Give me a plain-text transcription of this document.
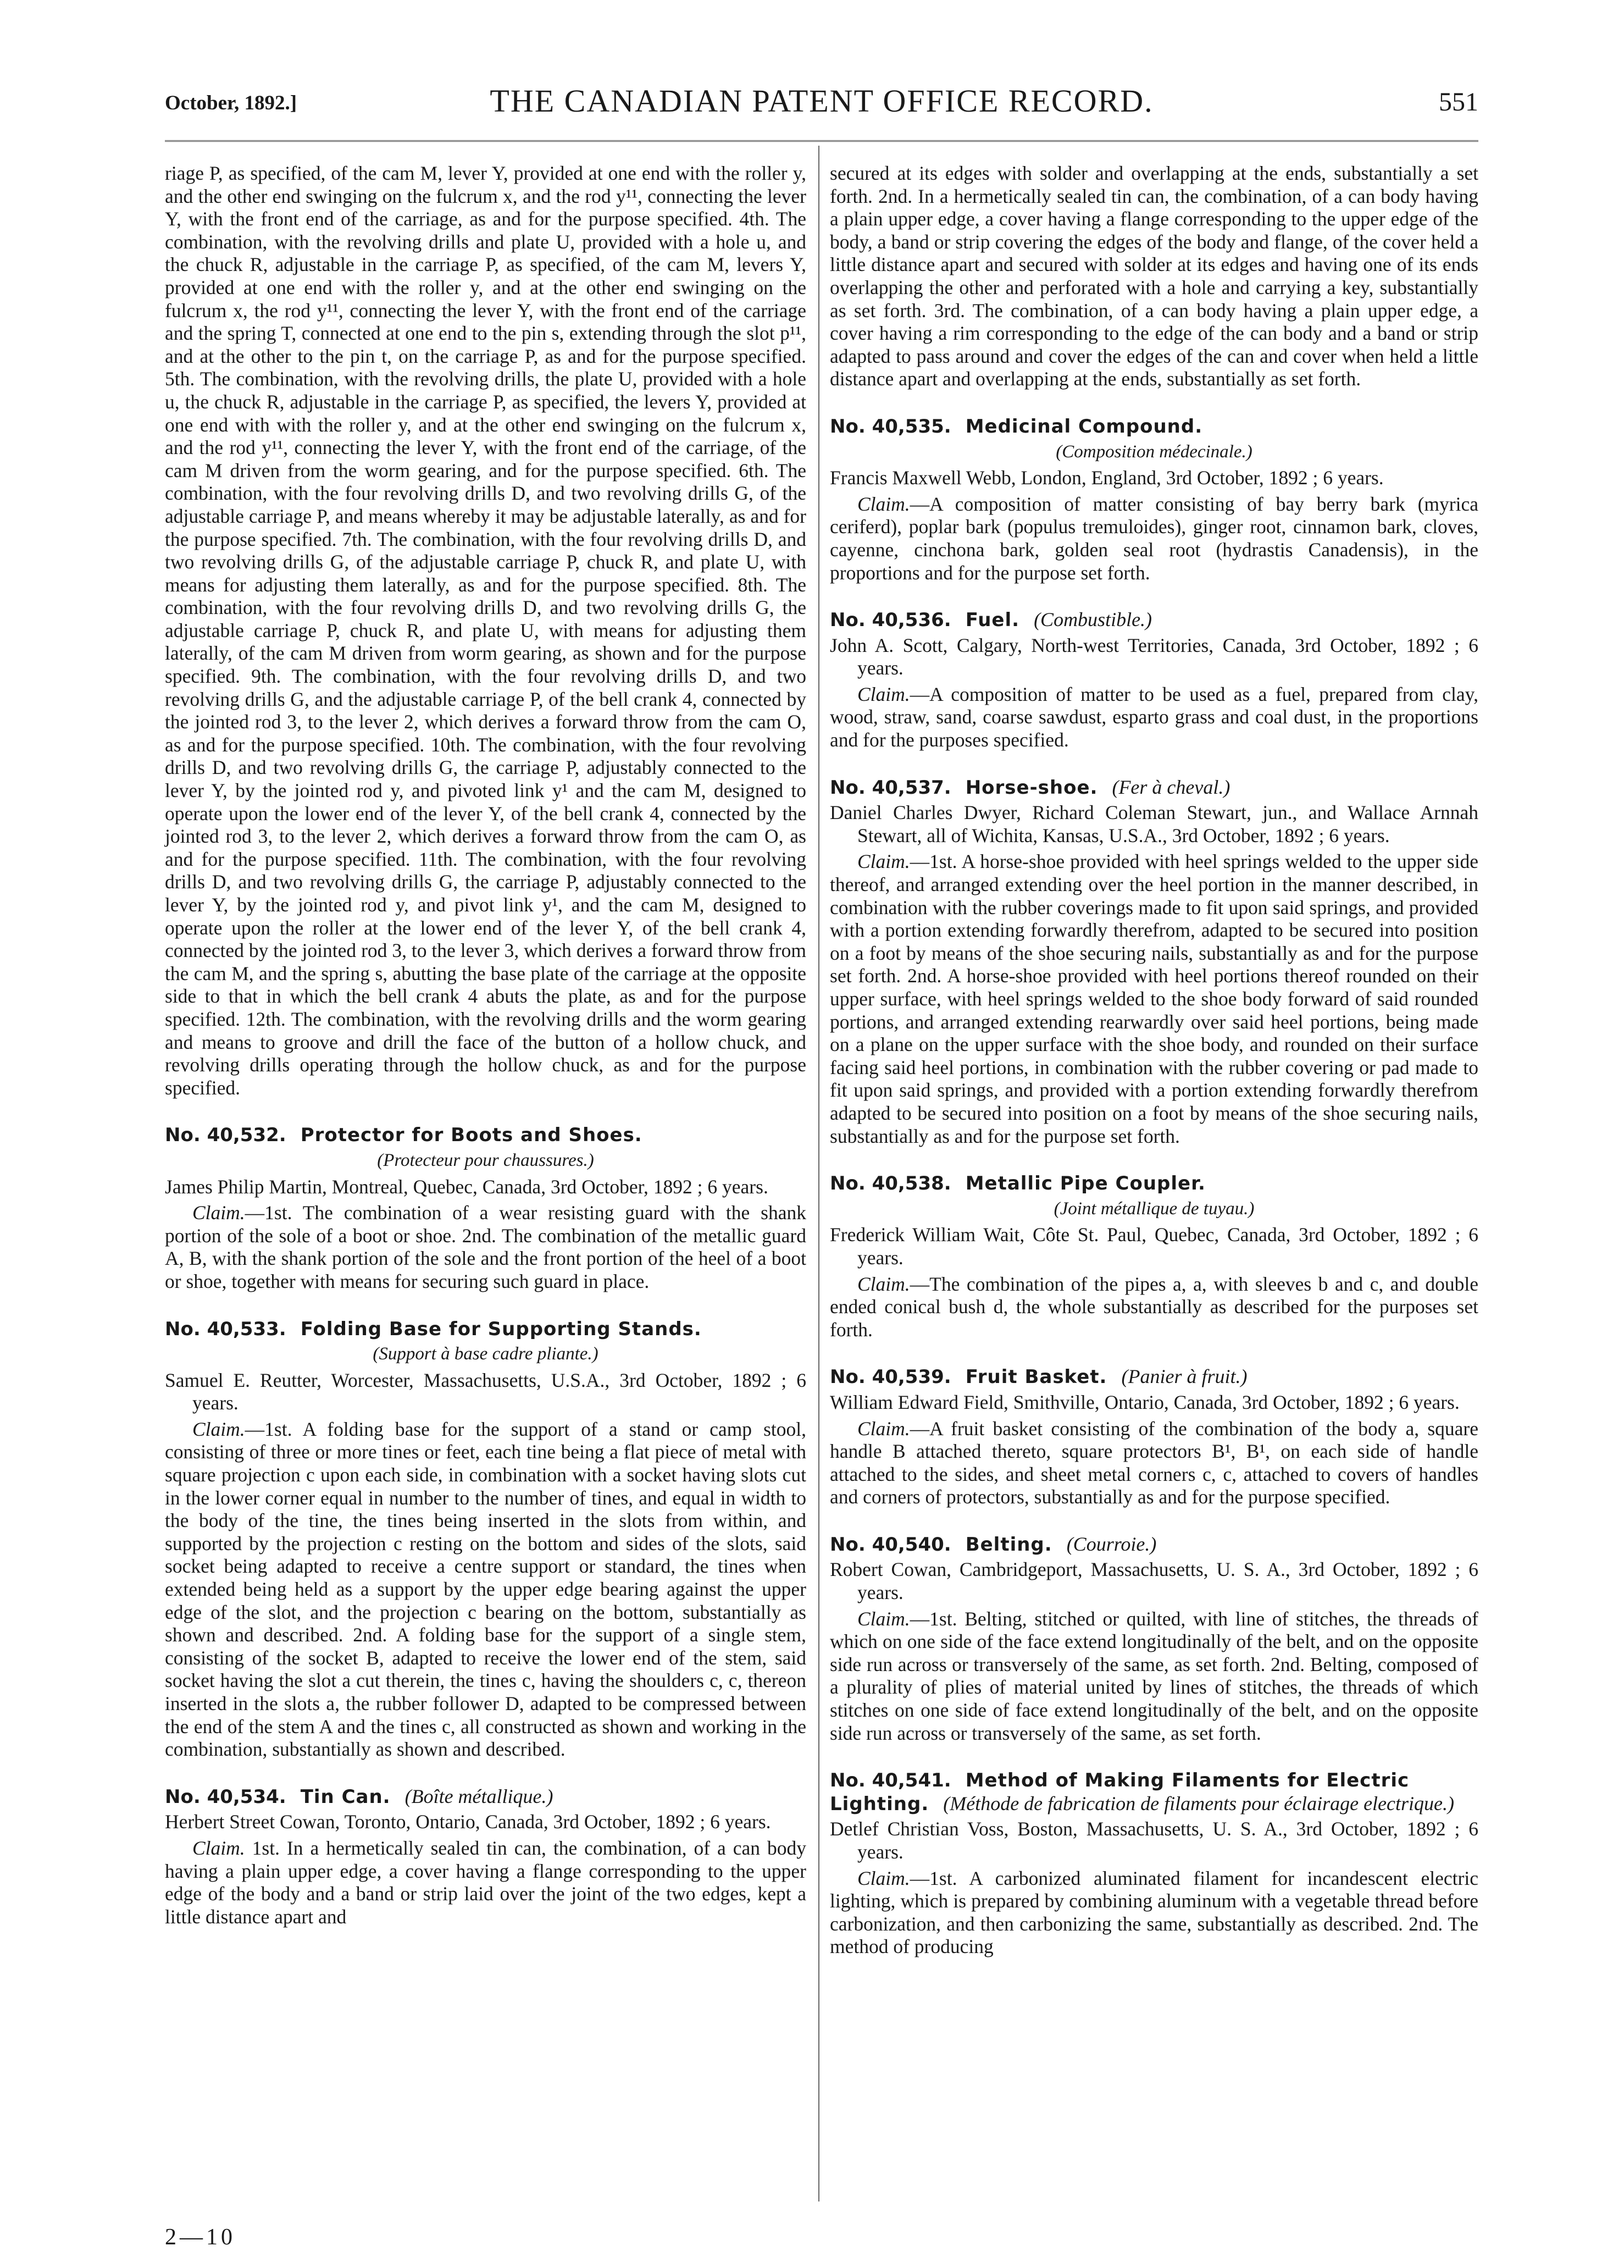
October, 1892.]	THE CANADIAN PATENT OFFICE RECORD.	551

riage P, as specified, of the cam M, lever Y, provided at one end with the roller y, and the other end swinging on the fulcrum x, and the rod y¹¹, connecting the lever Y, with the front end of the carriage, as and for the purpose specified. 4th. The combination, with the revolving drills and plate U, provided with a hole u, and the chuck R, adjustable in the carriage P, as specified, of the cam M, levers Y, provided at one end with the roller y, and at the other end swinging on the fulcrum x, the rod y¹¹, connecting the lever Y, with the front end of the carriage and the spring T, connected at one end to the pin s, extending through the slot p¹¹, and at the other to the pin t, on the carriage P, as and for the purpose specified. 5th. The combination, with the revolving drills, the plate U, provided with a hole u, the chuck R, adjustable in the carriage P, as specified, the levers Y, provided at one end with with the roller y, and at the other end swinging on the fulcrum x, and the rod y¹¹, connecting the lever Y, with the front end of the carriage, of the cam M driven from the worm gearing, and for the purpose specified. 6th. The combination, with the four revolving drills D, and two revolving drills G, of the adjustable carriage P, and means whereby it may be adjustable laterally, as and for the purpose specified. 7th. The combination, with the four revolving drills D, and two revolving drills G, of the adjustable carriage P, chuck R, and plate U, with means for adjusting them laterally, as and for the purpose specified. 8th. The combination, with the four revolving drills D, and two revolving drills G, the adjustable carriage P, chuck R, and plate U, with means for adjusting them laterally, of the cam M driven from worm gearing, as shown and for the purpose specified. 9th. The combination, with the four revolving drills D, and two revolving drills G, and the adjustable carriage P, of the bell crank 4, connected by the jointed rod 3, to the lever 2, which derives a forward throw from the cam O, as and for the purpose specified. 10th. The combination, with the four revolving drills D, and two revolving drills G, the carriage P, adjustably connected to the lever Y, by the jointed rod y, and pivoted link y¹ and the cam M, designed to operate upon the lower end of the lever Y, of the bell crank 4, connected by the jointed rod 3, to the lever 2, which derives a forward throw from the cam O, as and for the purpose specified. 11th. The combination, with the four revolving drills D, and two revolving drills G, the carriage P, adjustably connected to the lever Y, by the jointed rod y, and pivot link y¹, and the cam M, designed to operate upon the roller at the lower end of the lever Y, of the bell crank 4, connected by the jointed rod 3, to the lever 3, which derives a forward throw from the cam M, and the spring s, abutting the base plate of the carriage at the opposite side to that in which the bell crank 4 abuts the plate, as and for the purpose specified. 12th. The combination, with the revolving drills and the worm gearing and means to groove and drill the face of the button of a hollow chuck, and revolving drills operating through the hollow chuck, as and for the purpose specified.

No. 40,532. Protector for Boots and Shoes.

(Protecteur pour chaussures.)

James Philip Martin, Montreal, Quebec, Canada, 3rd October, 1892 ; 6 years.

Claim.—1st. The combination of a wear resisting guard with the shank portion of the sole of a boot or shoe. 2nd. The combination of the metallic guard A, B, with the shank portion of the sole and the front portion of the heel of a boot or shoe, together with means for securing such guard in place.

No. 40,533. Folding Base for Supporting Stands.

(Support à base cadre pliante.)

Samuel E. Reutter, Worcester, Massachusetts, U.S.A., 3rd October, 1892 ; 6 years.

Claim.—1st. A folding base for the support of a stand or camp stool, consisting of three or more tines or feet, each tine being a flat piece of metal with square projection c upon each side, in combination with a socket having slots cut in the lower corner equal in number to the number of tines, and equal in width to the body of the tine, the tines being inserted in the slots from within, and supported by the projection c resting on the bottom and sides of the slots, said socket being adapted to receive a centre support or standard, the tines when extended being held as a support by the upper edge bearing against the upper edge of the slot, and the projection c bearing on the bottom, substantially as shown and described. 2nd. A folding base for the support of a single stem, consisting of the socket B, adapted to receive the lower end of the stem, said socket having the slot a cut therein, the tines c, having the shoulders c, c, thereon inserted in the slots a, the rubber follower D, adapted to be compressed between the end of the stem A and the tines c, all constructed as shown and working in the combination, substantially as shown and described.

No. 40,534. Tin Can. (Boîte métallique.)

Herbert Street Cowan, Toronto, Ontario, Canada, 3rd October, 1892 ; 6 years.

Claim. 1st. In a hermetically sealed tin can, the combination, of a can body having a plain upper edge, a cover having a flange corresponding to the upper edge of the body and a band or strip laid over the joint of the two edges, kept a little distance apart and

secured at its edges with solder and overlapping at the ends, substantially a set forth. 2nd. In a hermetically sealed tin can, the combination, of a can body having a plain upper edge, a cover having a flange corresponding to the upper edge of the body, a band or strip covering the edges of the body and flange, of the cover held a little distance apart and secured with solder at its edges and having one of its ends overlapping the other and perforated with a hole and carrying a key, substantially as set forth. 3rd. The combination, of a can body having a plain upper edge, a cover having a rim corresponding to the edge of the can body and a band or strip adapted to pass around and cover the edges of the can and cover when held a little distance apart and overlapping at the ends, substantially as set forth.

No. 40,535. Medicinal Compound.

(Composition médecinale.)

Francis Maxwell Webb, London, England, 3rd October, 1892 ; 6 years.

Claim.—A composition of matter consisting of bay berry bark (myrica ceriferd), poplar bark (populus tremuloides), ginger root, cinnamon bark, cloves, cayenne, cinchona bark, golden seal root (hydrastis Canadensis), in the proportions and for the purpose set forth.

No. 40,536. Fuel. (Combustible.)

John A. Scott, Calgary, North-west Territories, Canada, 3rd October, 1892 ; 6 years.

Claim.—A composition of matter to be used as a fuel, prepared from clay, wood, straw, sand, coarse sawdust, esparto grass and coal dust, in the proportions and for the purposes specified.

No. 40,537. Horse-shoe. (Fer à cheval.)

Daniel Charles Dwyer, Richard Coleman Stewart, jun., and Wallace Arnnah Stewart, all of Wichita, Kansas, U.S.A., 3rd October, 1892 ; 6 years.

Claim.—1st. A horse-shoe provided with heel springs welded to the upper side thereof, and arranged extending over the heel portion in the manner described, in combination with the rubber coverings made to fit upon said springs, and provided with a portion extending forwardly therefrom, adapted to be secured into position on a foot by means of the shoe securing nails, substantially as and for the purpose set forth. 2nd. A horse-shoe provided with heel portions thereof rounded on their upper surface, with heel springs welded to the shoe body forward of said rounded portions, and arranged extending rearwardly over said heel portions, being made on a plane on the upper surface with the shoe body, and rounded on their surface facing said heel portions, in combination with the rubber covering or pad made to fit upon said springs, and provided with a portion extending forwardly therefrom adapted to be secured into position on a foot by means of the shoe securing nails, substantially as and for the purpose set forth.

No. 40,538. Metallic Pipe Coupler.

(Joint métallique de tuyau.)

Frederick William Wait, Côte St. Paul, Quebec, Canada, 3rd October, 1892 ; 6 years.

Claim.—The combination of the pipes a, a, with sleeves b and c, and double ended conical bush d, the whole substantially as described for the purposes set forth.

No. 40,539. Fruit Basket. (Panier à fruit.)

William Edward Field, Smithville, Ontario, Canada, 3rd October, 1892 ; 6 years.

Claim.—A fruit basket consisting of the combination of the body a, square handle B attached thereto, square protectors B¹, B¹, on each side of handle attached to the sides, and sheet metal corners c, c, attached to covers of handles and corners of protectors, substantially as and for the purpose specified.

No. 40,540. Belting. (Courroie.)

Robert Cowan, Cambridgeport, Massachusetts, U. S. A., 3rd October, 1892 ; 6 years.

Claim.—1st. Belting, stitched or quilted, with line of stitches, the threads of which on one side of the face extend longitudinally of the belt, and on the opposite side run across or transversely of the same, as set forth. 2nd. Belting, composed of a plurality of plies of material united by lines of stitches, the threads of which stitches on one side of face extend longitudinally of the belt, and on the opposite side run across or transversely of the same, as set forth.

No. 40,541. Method of Making Filaments for Electric Lighting. (Méthode de fabrication de filaments pour éclairage electrique.)

Detlef Christian Voss, Boston, Massachusetts, U. S. A., 3rd October, 1892 ; 6 years.

Claim.—1st. A carbonized aluminated filament for incandescent electric lighting, which is prepared by combining aluminum with a vegetable thread before carbonization, and then carbonizing the same, substantially as described. 2nd. The method of producing

2—10
